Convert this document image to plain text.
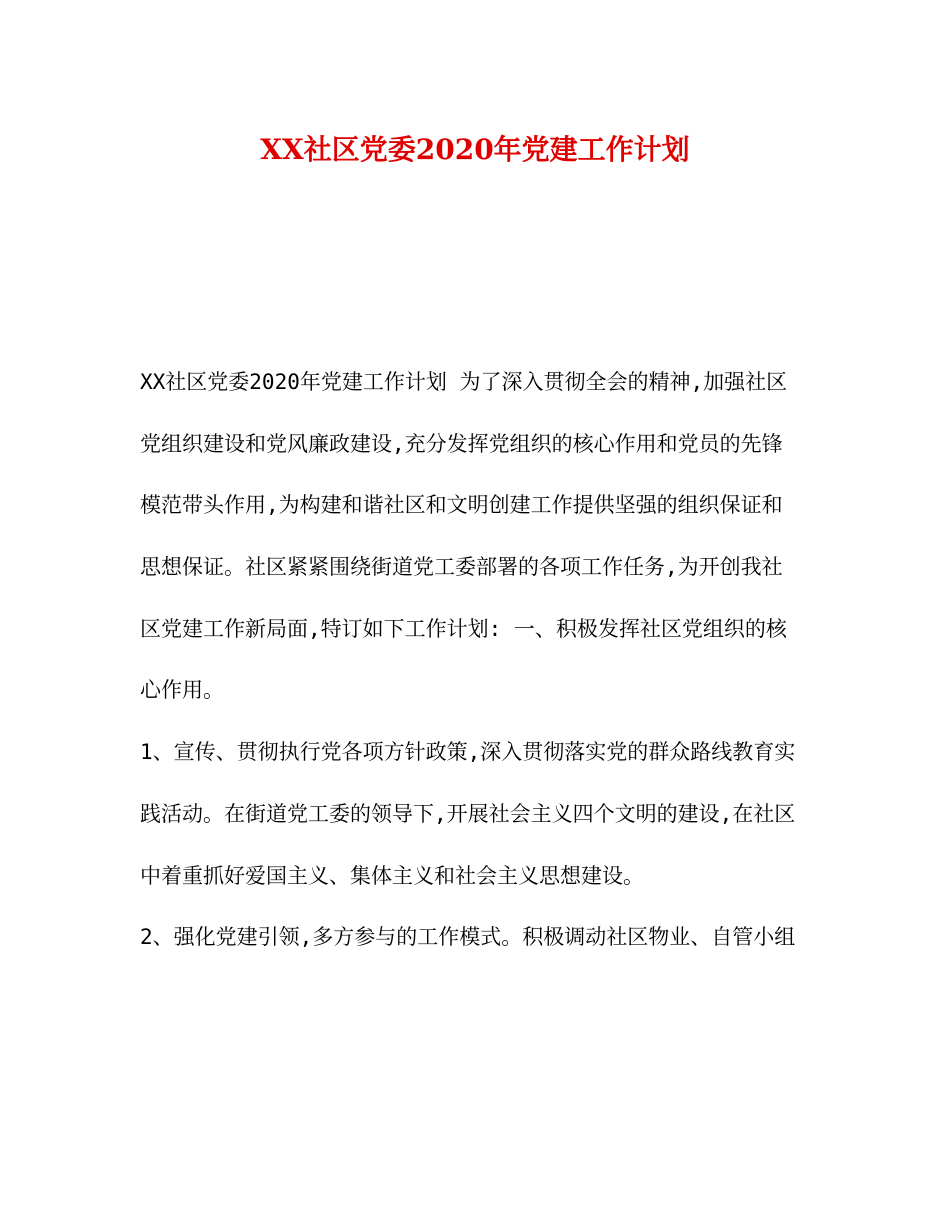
XX社区党委2020年党建工作计划
XX社区党委2020年党建工作计划 为了深入贯彻全会的精神,加强社区
党组织建设和党风廉政建设,充分发挥党组织的核心作用和党员的先锋
模范带头作用,为构建和谐社区和文明创建工作提供坚强的组织保证和
思想保证。社区紧紧围绕街道党工委部署的各项工作任务,为开创我社
区党建工作新局面,特订如下工作计划: 一、积极发挥社区党组织的核
心作用。
1、宣传、贯彻执行党各项方针政策,深入贯彻落实党的群众路线教育实
践活动。在街道党工委的领导下,开展社会主义四个文明的建设,在社区
中着重抓好爱国主义、集体主义和社会主义思想建设。
2、强化党建引领,多方参与的工作模式。积极调动社区物业、自管小组
